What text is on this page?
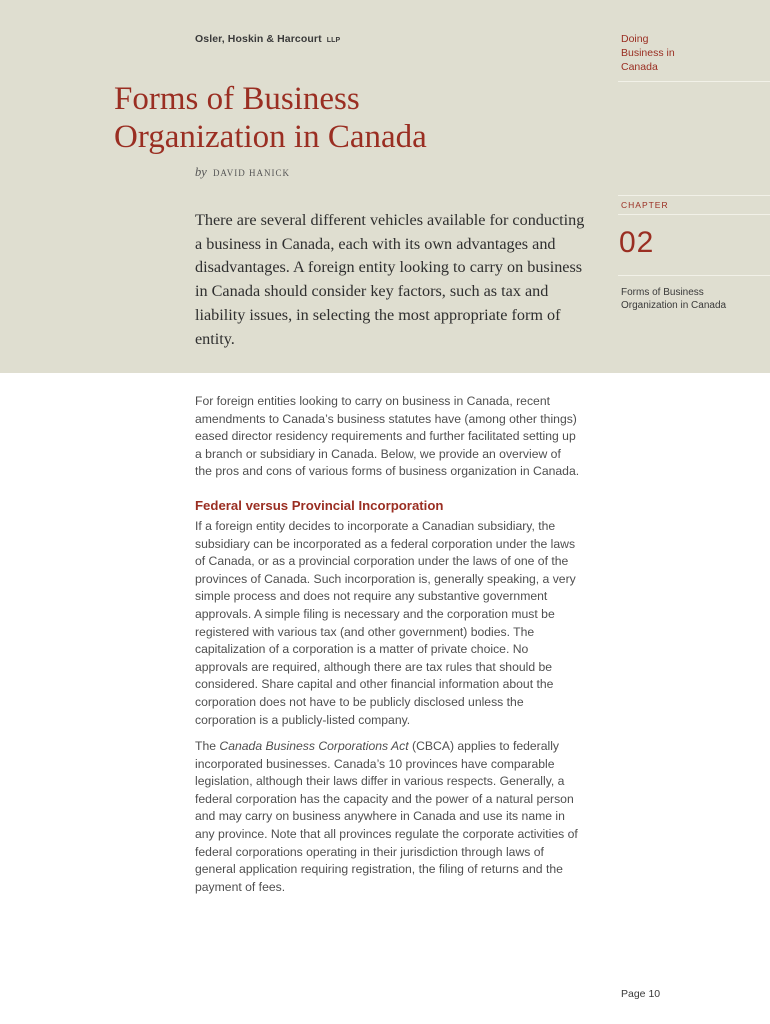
Osler, Hoskin & Harcourt LLP
Forms of Business
Organization in Canada
by DAVID HANICK

There are several different vehicles available for conducting a business in Canada, each with its own advantages and disadvantages. A foreign entity looking to carry on business in Canada should consider key factors, such as tax and liability issues, in selecting the most appropriate form of entity.

Doing
Business in
Canada
CHAPTER
02
Forms of Business
Organization in Canada

For foreign entities looking to carry on business in Canada, recent amendments to Canada’s business statutes have (among other things) eased director residency requirements and further facilitated setting up a branch or subsidiary in Canada. Below, we provide an overview of the pros and cons of various forms of business organization in Canada.

Federal versus Provincial Incorporation

If a foreign entity decides to incorporate a Canadian subsidiary, the subsidiary can be incorporated as a federal corporation under the laws of Canada, or as a provincial corporation under the laws of one of the provinces of Canada. Such incorporation is, generally speaking, a very simple process and does not require any substantive government approvals. A simple filing is necessary and the corporation must be registered with various tax (and other government) bodies. The capitalization of a corporation is a matter of private choice. No approvals are required, although there are tax rules that should be considered. Share capital and other financial information about the corporation does not have to be publicly disclosed unless the corporation is a publicly-listed company.

The Canada Business Corporations Act (CBCA) applies to federally incorporated businesses. Canada’s 10 provinces have comparable legislation, although their laws differ in various respects. Generally, a federal corporation has the capacity and the power of a natural person and may carry on business anywhere in Canada and use its name in any province. Note that all provinces regulate the corporate activities of federal corporations operating in their jurisdiction through laws of general application requiring registration, the filing of returns and the payment of fees.

Page 10
